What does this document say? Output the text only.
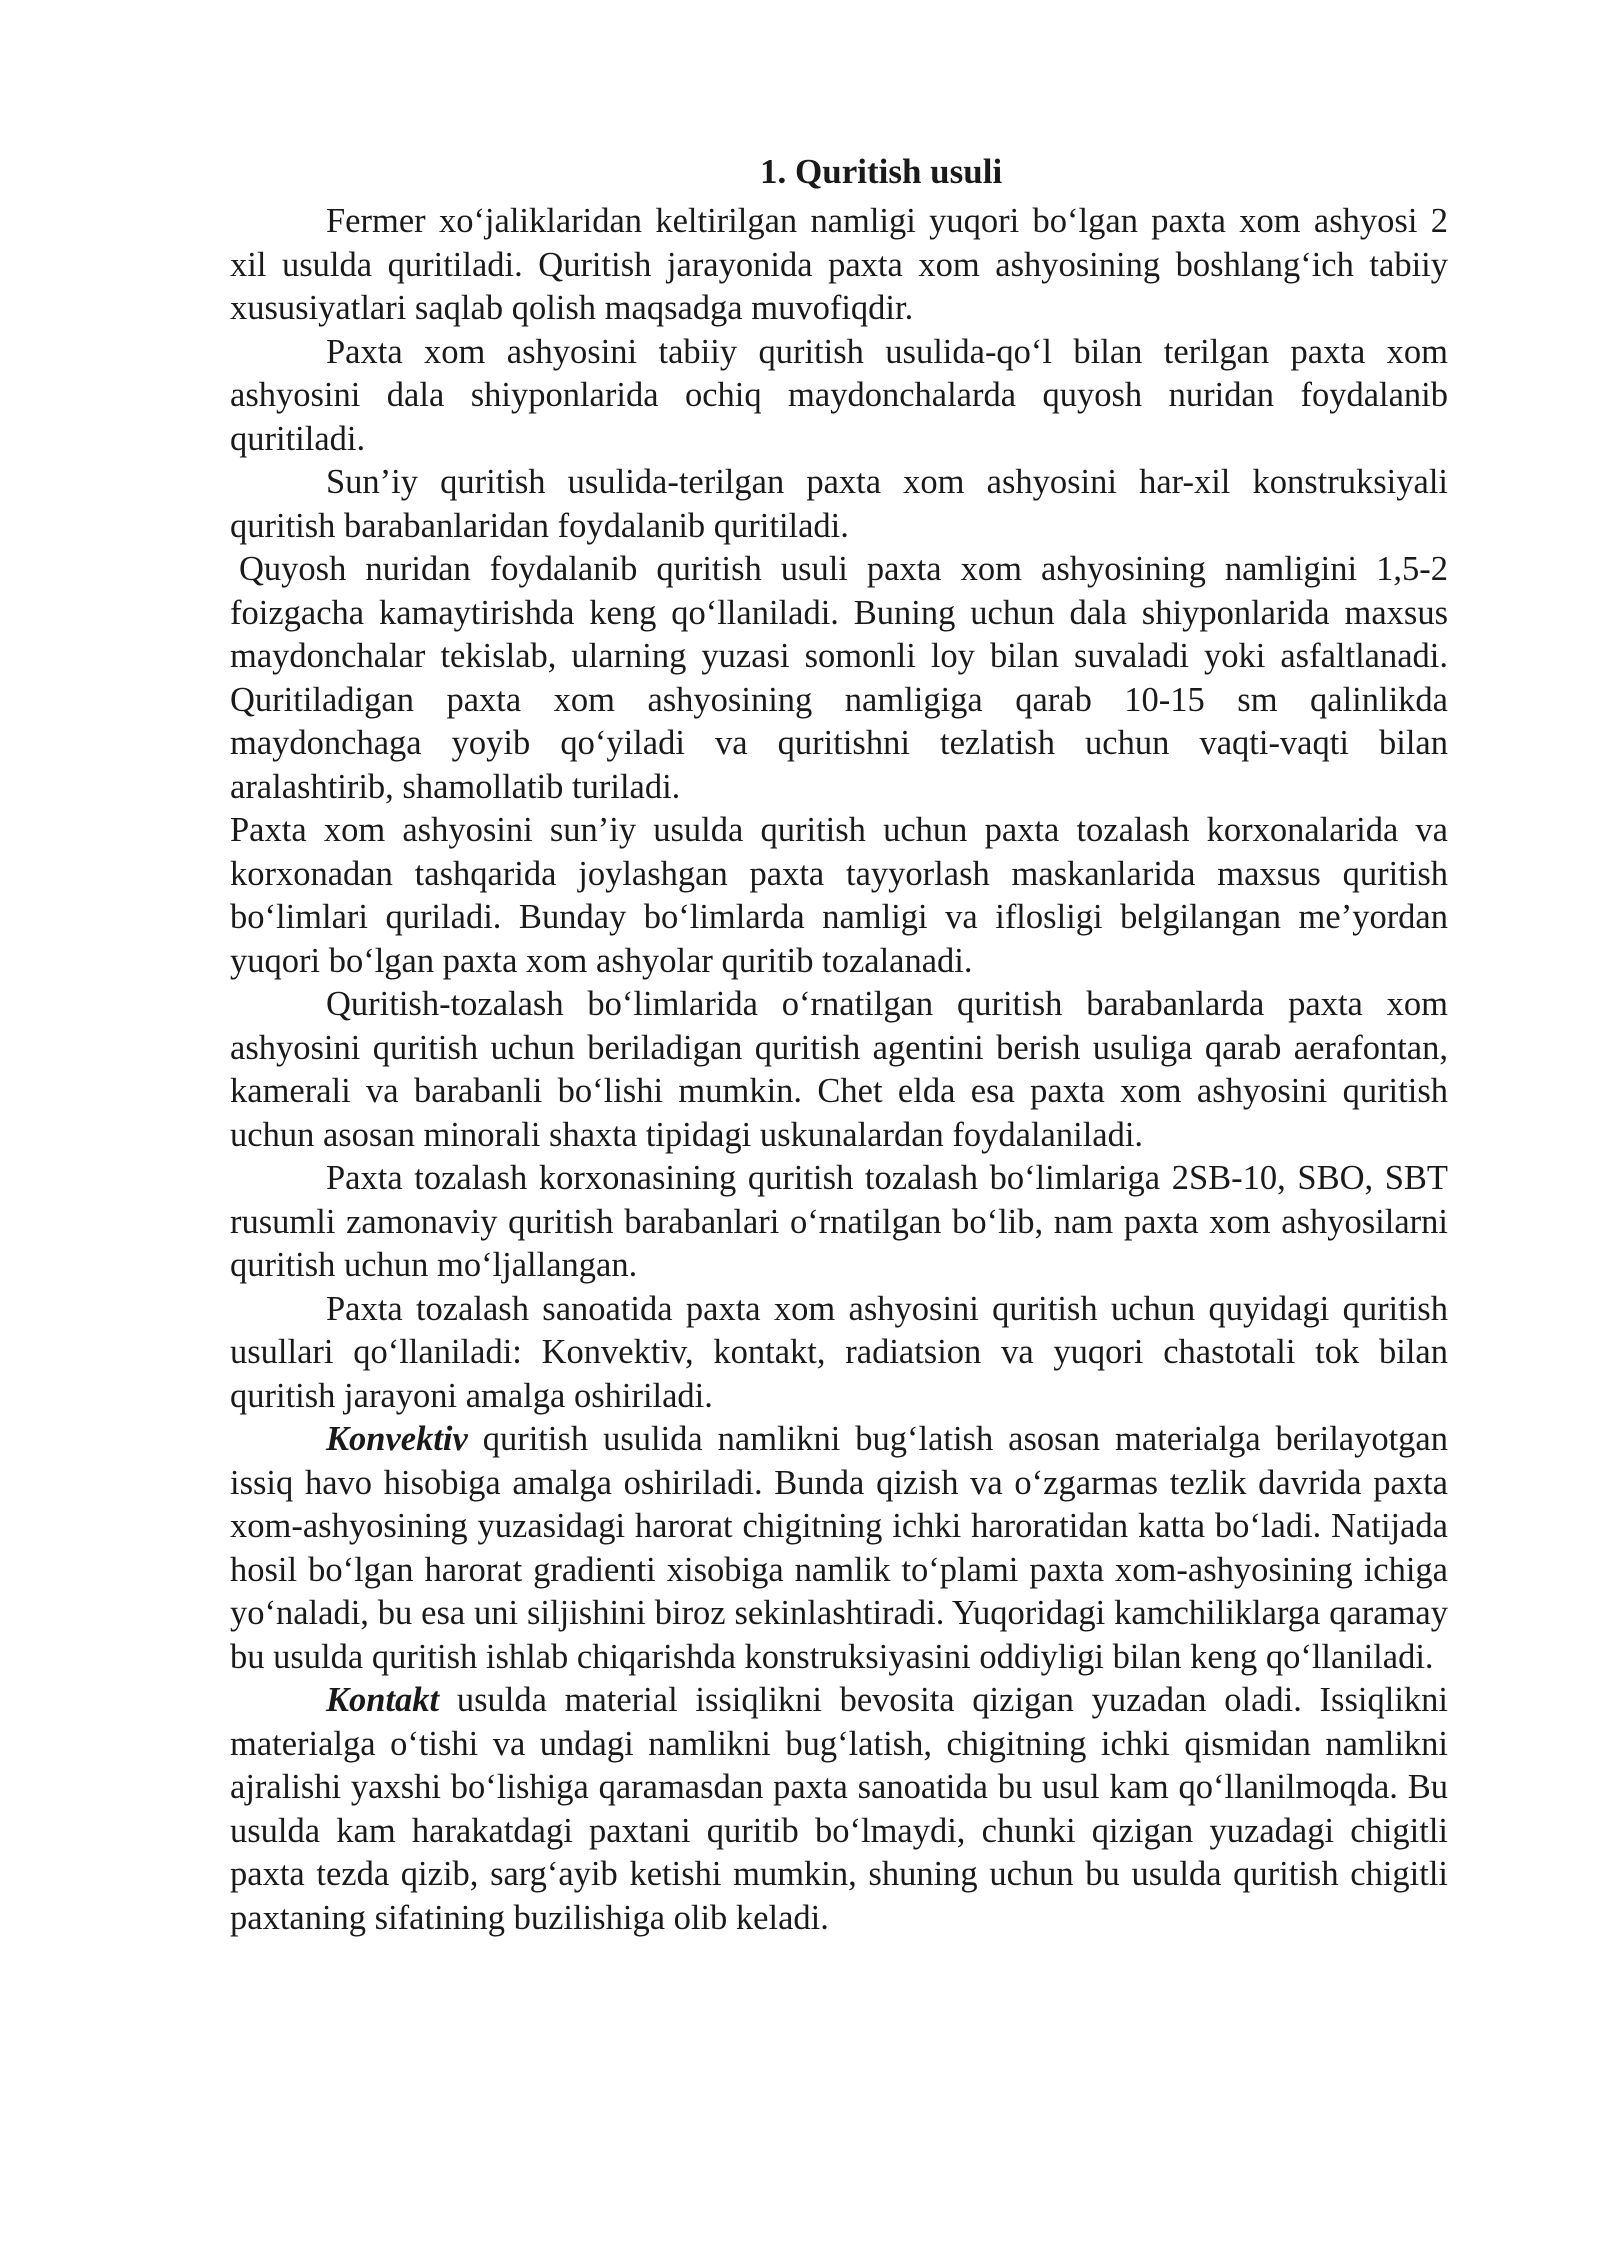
1. Quritish usuli

Fermer xo‘jaliklaridan keltirilgan namligi yuqori bo‘lgan paxta xom ashyosi 2 xil usulda quritiladi. Quritish jarayonida paxta xom ashyosining boshlang‘ich tabiiy xususiyatlari saqlab qolish maqsadga muvofiqdir.

Paxta xom ashyosini tabiiy quritish usulida-qo‘l bilan terilgan paxta xom ashyosini dala shiyponlarida ochiq maydonchalarda quyosh nuridan foydalanib quritiladi.

Sun’iy quritish usulida-terilgan paxta xom ashyosini har-xil konstruksiyali quritish barabanlaridan foydalanib quritiladi.

Quyosh nuridan foydalanib quritish usuli paxta xom ashyosining namligini 1,5-2 foizgacha kamaytirishda keng qo‘llaniladi. Buning uchun dala shiyponlarida maxsus maydonchalar tekislab, ularning yuzasi somonli loy bilan suvaladi yoki asfaltlanadi. Quritiladigan paxta xom ashyosining namligiga qarab 10-15 sm qalinlikda maydonchaga yoyib qo‘yiladi va quritishni tezlatish uchun vaqti-vaqti bilan aralashtirib, shamollatib turiladi.

Paxta xom ashyosini sun’iy usulda quritish uchun paxta tozalash korxonalarida va korxonadan tashqarida joylashgan paxta tayyorlash maskanlarida maxsus quritish bo‘limlari quriladi. Bunday bo‘limlarda namligi va iflosligi belgilangan me’yordan yuqori bo‘lgan paxta xom ashyolar quritib tozalanadi.

Quritish-tozalash bo‘limlarida o‘rnatilgan quritish barabanlarda paxta xom ashyosini quritish uchun beriladigan quritish agentini berish usuliga qarab aerafontan, kamerali va barabanli bo‘lishi mumkin. Chet elda esa paxta xom ashyosini quritish uchun asosan minorali shaxta tipidagi uskunalardan foydalaniladi.

Paxta tozalash korxonasining quritish tozalash bo‘limlariga 2SB-10, SBO, SBT rusumli zamonaviy quritish barabanlari o‘rnatilgan bo‘lib, nam paxta xom ashyosilarni quritish uchun mo‘ljallangan.

Paxta tozalash sanoatida paxta xom ashyosini quritish uchun quyidagi quritish usullari qo‘llaniladi: Konvektiv, kontakt, radiatsion va yuqori chastotali tok bilan quritish jarayoni amalga oshiriladi.

Konvektiv quritish usulida namlikni bug‘latish asosan materialga berilayotgan issiq havo hisobiga amalga oshiriladi. Bunda qizish va o‘zgarmas tezlik davrida paxta xom-ashyosining yuzasidagi harorat chigitning ichki haroratidan katta bo‘ladi. Natijada hosil bo‘lgan harorat gradienti xisobiga namlik to‘plami paxta xom-ashyosining ichiga yo‘naladi, bu esa uni siljishini biroz sekinlashtiradi. Yuqoridagi kamchiliklarga qaramay bu usulda quritish ishlab chiqarishda konstruksiyasini oddiyligi bilan keng qo‘llaniladi.

Kontakt usulda material issiqlikni bevosita qizigan yuzadan oladi. Issiqlikni materialga o‘tishi va undagi namlikni bug‘latish, chigitning ichki qismidan namlikni ajralishi yaxshi bo‘lishiga qaramasdan paxta sanoatida bu usul kam qo‘llanilmoqda. Bu usulda kam harakatdagi paxtani quritib bo‘lmaydi, chunki qizigan yuzadagi chigitli paxta tezda qizib, sarg‘ayib ketishi mumkin, shuning uchun bu usulda quritish chigitli paxtaning sifatining buzilishiga olib keladi.
